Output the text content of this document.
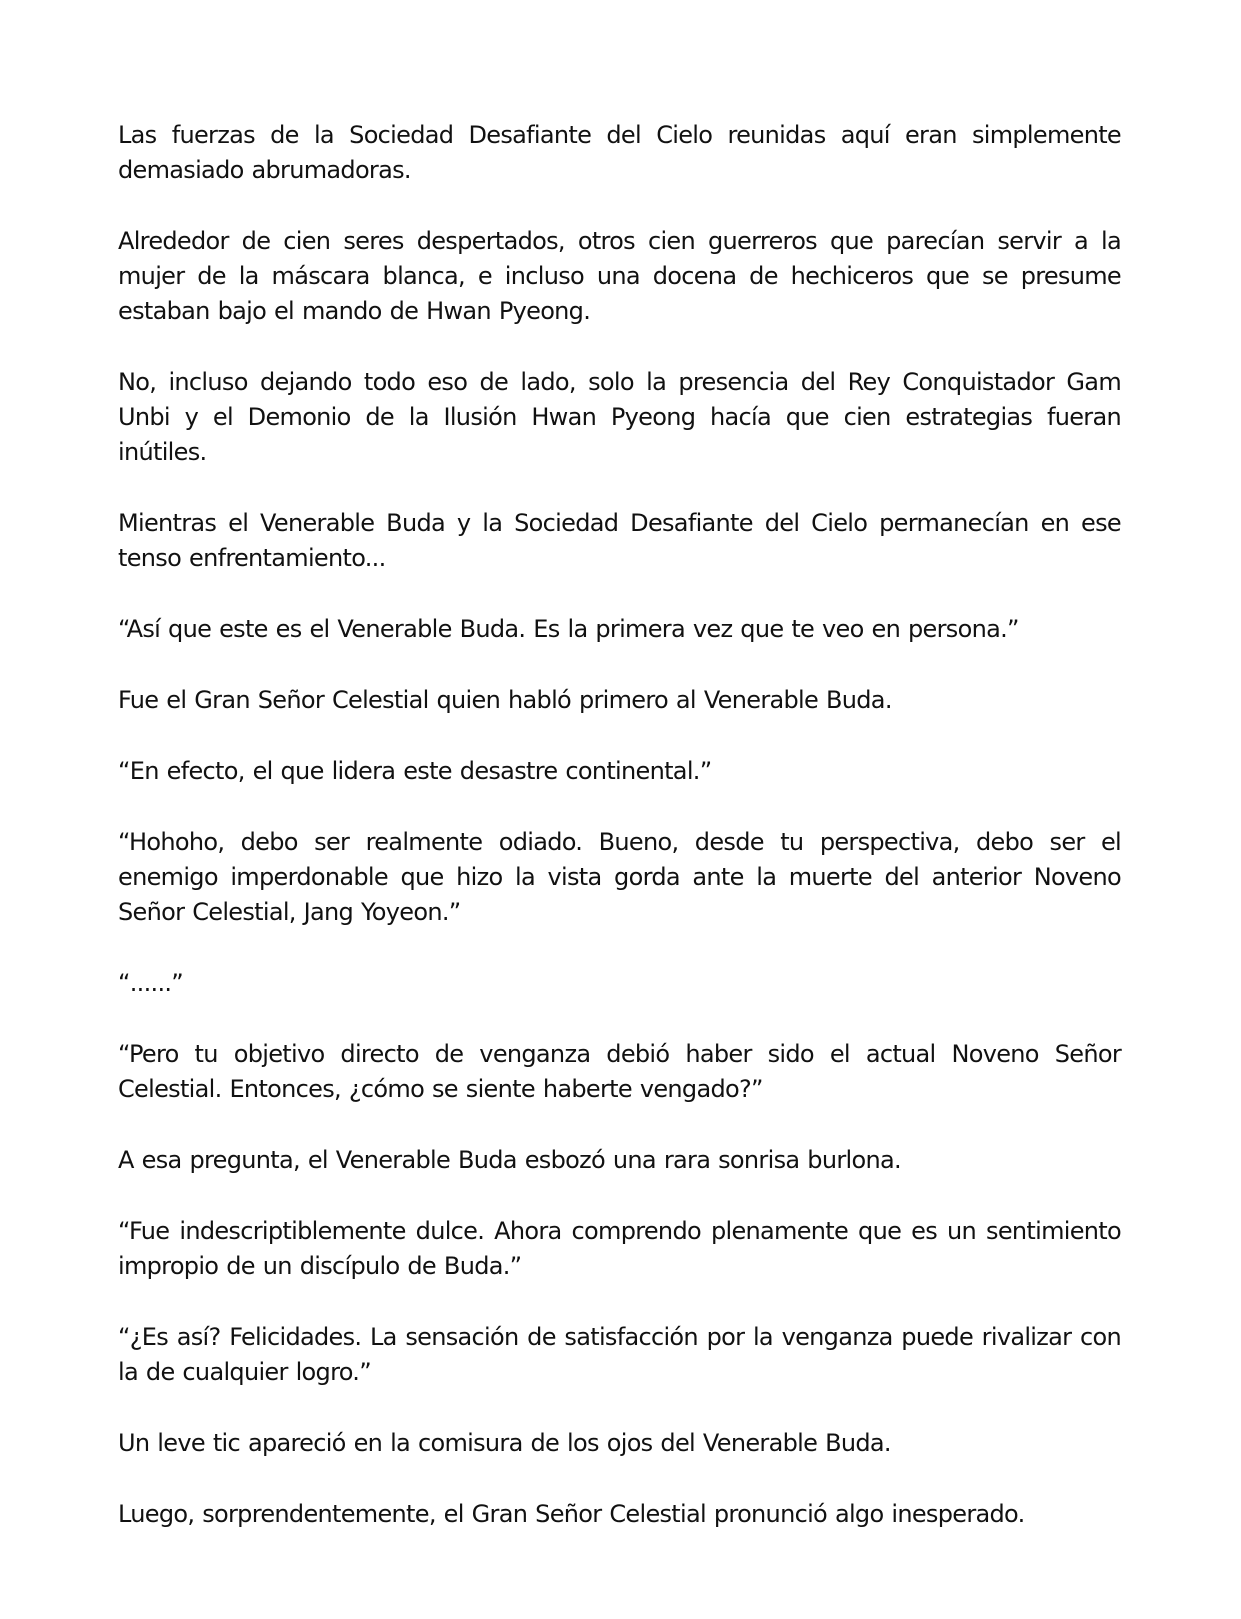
Las fuerzas de la Sociedad Desafiante del Cielo reunidas aquí eran simplemente demasiado abrumadoras.

Alrededor de cien seres despertados, otros cien guerreros que parecían servir a la mujer de la máscara blanca, e incluso una docena de hechiceros que se presume estaban bajo el mando de Hwan Pyeong.

No, incluso dejando todo eso de lado, solo la presencia del Rey Conquistador Gam Unbi y el Demonio de la Ilusión Hwan Pyeong hacía que cien estrategias fueran inútiles.

Mientras el Venerable Buda y la Sociedad Desafiante del Cielo permanecían en ese tenso enfrentamiento...

“Así que este es el Venerable Buda. Es la primera vez que te veo en persona.”

Fue el Gran Señor Celestial quien habló primero al Venerable Buda.

“En efecto, el que lidera este desastre continental.”

“Hohoho, debo ser realmente odiado. Bueno, desde tu perspectiva, debo ser el enemigo imperdonable que hizo la vista gorda ante la muerte del anterior Noveno Señor Celestial, Jang Yoyeon.”

“......”

“Pero tu objetivo directo de venganza debió haber sido el actual Noveno Señor Celestial. Entonces, ¿cómo se siente haberte vengado?”

A esa pregunta, el Venerable Buda esbozó una rara sonrisa burlona.

“Fue indescriptiblemente dulce. Ahora comprendo plenamente que es un sentimiento impropio de un discípulo de Buda.”

“¿Es así? Felicidades. La sensación de satisfacción por la venganza puede rivalizar con la de cualquier logro.”

Un leve tic apareció en la comisura de los ojos del Venerable Buda.

Luego, sorprendentemente, el Gran Señor Celestial pronunció algo inesperado.
